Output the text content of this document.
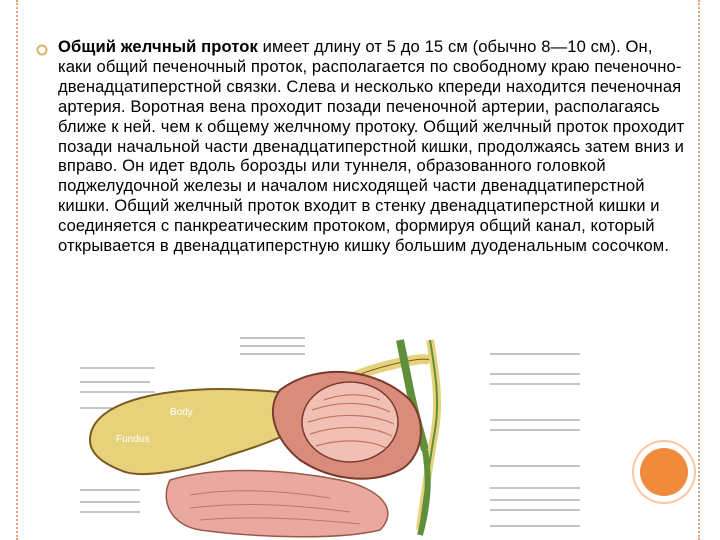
Общий желчный проток имеет длину от 5 до 15 см (обычно 8—10 см). Он, каки общий печеночный проток, располагается по свободному краю печеночно-двенадцатиперстной связки. Слева и несколько кпереди находится печеночная артерия. Воротная вена проходит позади печеночной артерии, располагаясь ближе к ней. чем к общему желчному протоку. Общий желчный проток проходит позади начальной части двенадцатиперстной кишки, продолжаясь затем вниз и вправо. Он идет вдоль борозды или туннеля, образованного головкой поджелудочной железы и началом нисходящей части двенадцатиперстной кишки. Общий желчный проток входит в стенку двенадцатиперстной кишки и соединяется с панкреатическим протоком, формируя общий канал, который открывается в двенадцатиперстную кишку большим дуоденальным сосочком.
Body
Fundus
